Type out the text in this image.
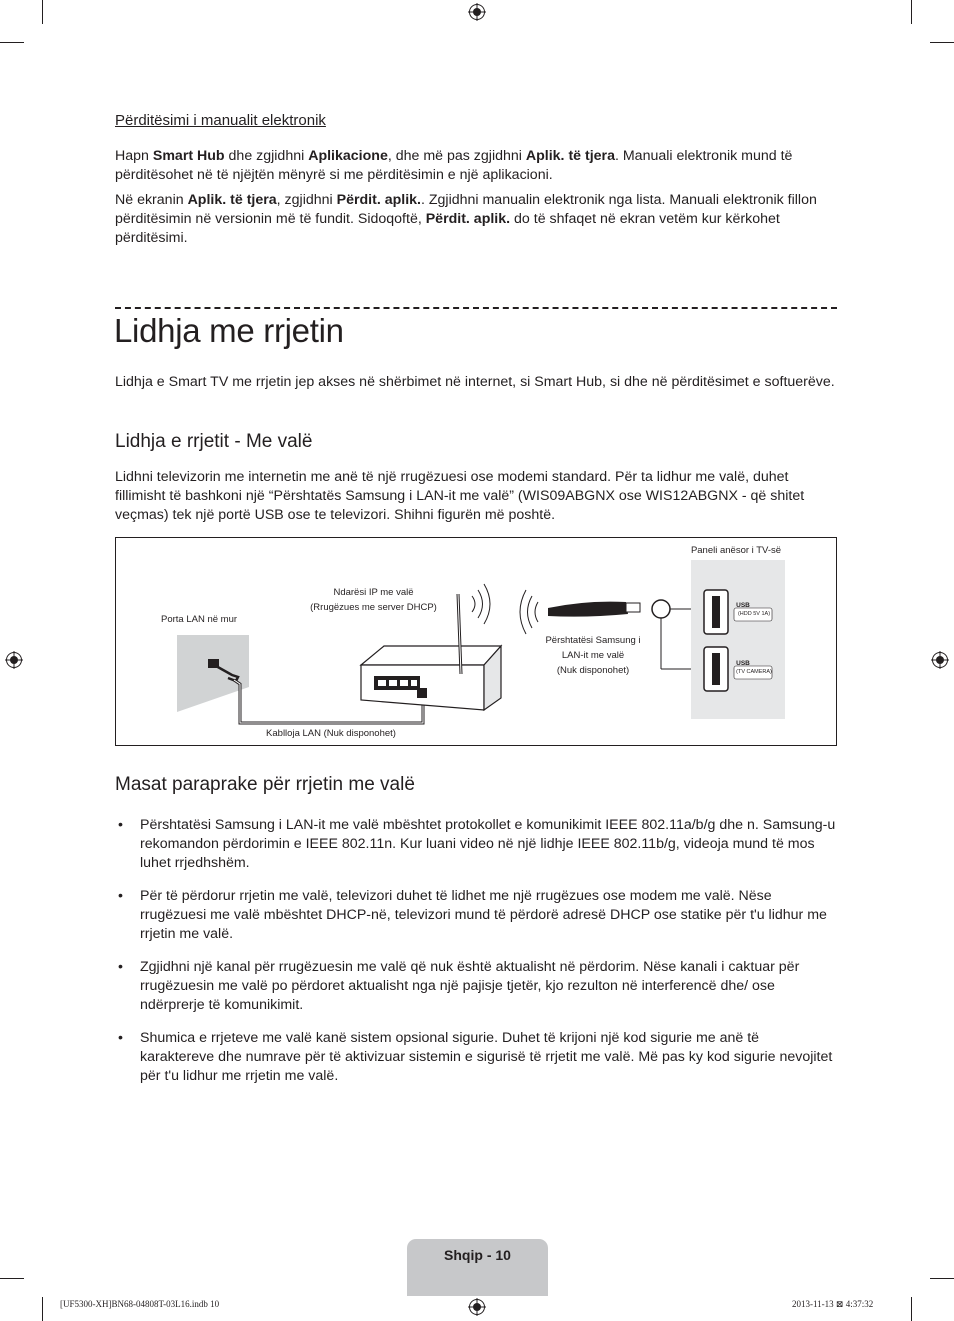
Përditësimi i manualit elektronik

Hapn Smart Hub dhe zgjidhni Aplikacione, dhe më pas zgjidhni Aplik. të tjera. Manuali elektronik mund të përditësohet në të njëjtën mënyrë si me përditësimin e një aplikacioni.

Në ekranin Aplik. të tjera, zgjidhni Përdit. aplik.. Zgjidhni manualin elektronik nga lista. Manuali elektronik fillon përditësimin në versionin më të fundit. Sidoqoftë, Përdit. aplik. do të shfaqet në ekran vetëm kur kërkohet përditësimi.

Lidhja me rrjetin

Lidhja e Smart TV me rrjetin jep akses në shërbimet në internet, si Smart Hub, si dhe në përditësimet e softuerëve.

Lidhja e rrjetit - Me valë

Lidhni televizorin me internetin me anë të një rrugëzuesi ose modemi standard. Për ta lidhur me valë, duhet fillimisht të bashkoni një “Përshtatës Samsung i LAN-it me valë” (WIS09ABGNX ose WIS12ABGNX - që shitet veçmas) tek një portë USB ose te televizori. Shihni figurën më poshtë.

Porta LAN në mur
Ndarësi IP me valë
(Rrugëzues me server DHCP)
Përshtatësi Samsung i
LAN-it me valë
(Nuk disponohet)
Paneli anësor i TV-së
Kablloja LAN (Nuk disponohet)
USB
(HDD 5V 1A)
USB
(TV CAMERA)
Masat paraprake për rrjetin me valë
• Përshtatësi Samsung i LAN-it me valë mbështet protokollet e komunikimit IEEE 802.11a/b/g dhe n. Samsung-u rekomandon përdorimin e IEEE 802.11n. Kur luani video në një lidhje IEEE 802.11b/g, videoja mund të mos luhet rrjedhshëm.
• Për të përdorur rrjetin me valë, televizori duhet të lidhet me një rrugëzues ose modem me valë. Nëse rrugëzuesi me valë mbështet DHCP-në, televizori mund të përdorë adresë DHCP ose statike për t'u lidhur me rrjetin me valë.
• Zgjidhni një kanal për rrugëzuesin me valë që nuk është aktualisht në përdorim. Nëse kanali i caktuar për rrugëzuesin me valë po përdoret aktualisht nga një pajisje tjetër, kjo rezulton në interferencë dhe/ ose ndërprerje të komunikimit.
• Shumica e rrjeteve me valë kanë sistem opsional sigurie. Duhet të krijoni një kod sigurie me anë të karaktereve dhe numrave për të aktivizuar sistemin e sigurisë të rrjetit me valë. Më pas ky kod sigurie nevojitet për t'u lidhur me rrjetin me valë.
Shqip - 10
[UF5300-XH]BN68-04808T-03L16.indb 10	2013-11-13 ⊠ 4:37:32
